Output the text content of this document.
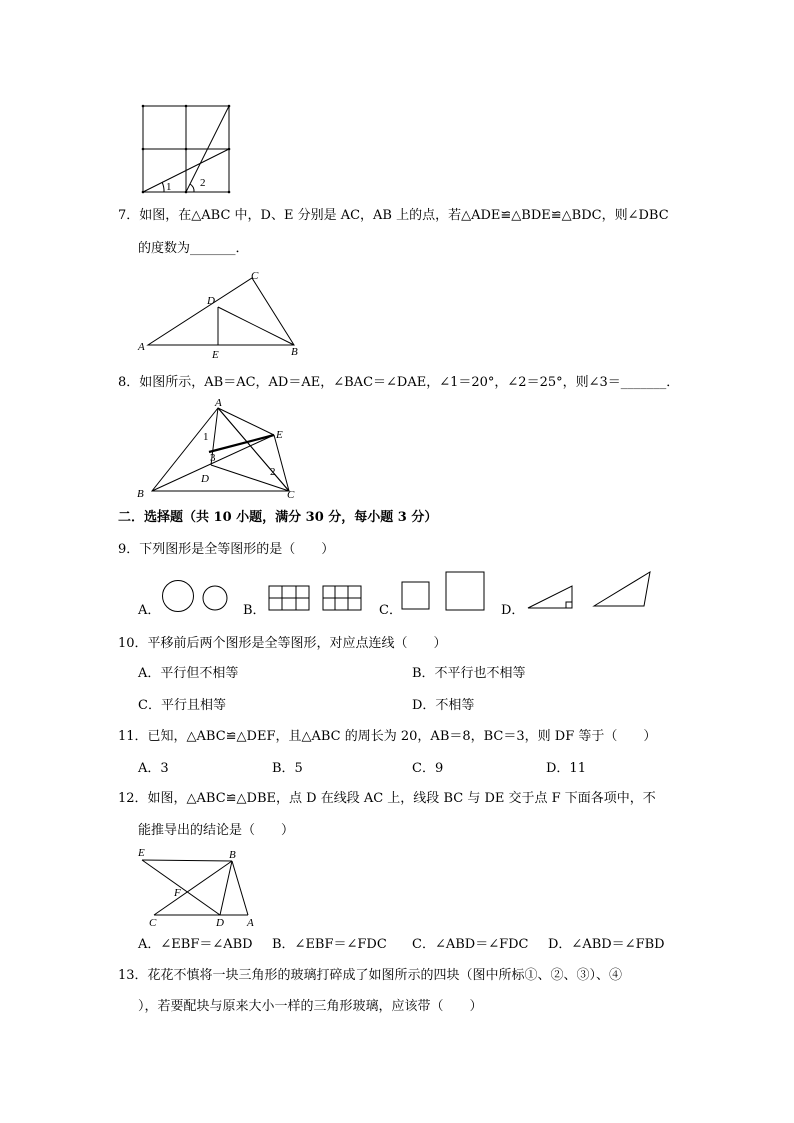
1	2
7．如图，在△ABC 中，D、E 分别是 AC，AB 上的点，若△ADE≌△BDE≌△BDC，则∠DBC
的度数为_______．
A	B
C
D
E
8．如图所示，AB＝AC，AD＝AE，∠BAC＝∠DAE，∠1＝20°，∠2＝25°，则∠3＝_______．
A
B	C
D
E
1
2
3
二．选择题（共 10 小题，满分 30 分，每小题 3 分）
9．下列图形是全等图形的是（　　）
A．	B．	C．	D．
10．平移前后两个图形是全等图形，对应点连线（　　）
A．平行但不相等	B．不平行也不相等
C．平行且相等	D．不相等
11．已知，△ABC≌△DEF，且△ABC 的周长为 20，AB＝8，BC＝3，则 DF 等于（　　）
A．3	B．5	C．9	D．11
12．如图，△ABC≌△DBE，点 D 在线段 AC 上，线段 BC 与 DE 交于点 F 下面各项中，不
能推导出的结论是（　　）
E	B
F
C	D A
A．∠EBF＝∠ABD B．∠EBF＝∠FDC C．∠ABD＝∠FDC D．∠ABD＝∠FBD
13．花花不慎将一块三角形的玻璃打碎成了如图所示的四块（图中所标①、②、③）、④
），若要配块与原来大小一样的三角形玻璃，应该带（　　）
